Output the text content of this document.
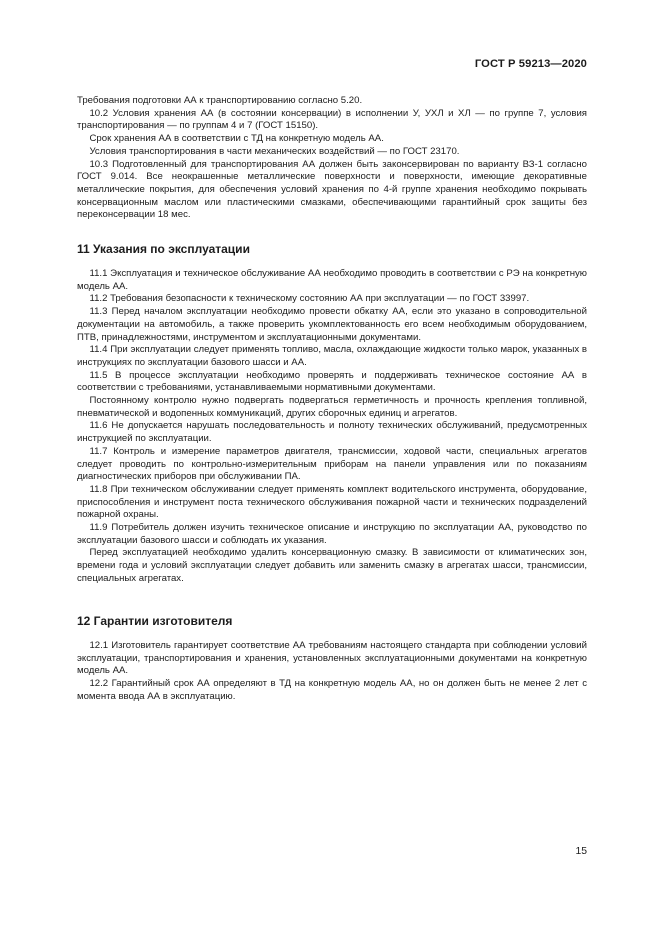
ГОСТ Р 59213—2020

Требования подготовки АА к транспортированию согласно 5.20.

10.2 Условия хранения АА (в состоянии консервации) в исполнении У, УХЛ и ХЛ — по группе 7, условия транспортирования — по группам 4 и 7 (ГОСТ 15150).

Срок хранения АА в соответствии с ТД на конкретную модель АА.

Условия транспортирования в части механических воздействий — по ГОСТ 23170.

10.3 Подготовленный для транспортирования АА должен быть законсервирован по варианту ВЗ-1 согласно ГОСТ 9.014. Все неокрашенные металлические поверхности и поверхности, имеющие декоративные металлические покрытия, для обеспечения условий хранения по 4-й группе хранения необходимо покрывать консервационным маслом или пластическими смазками, обеспечивающими гарантийный срок защиты без переконсервации 18 мес.

11 Указания по эксплуатации

11.1 Эксплуатация и техническое обслуживание АА необходимо проводить в соответствии с РЭ на конкретную модель АА.

11.2 Требования безопасности к техническому состоянию АА при эксплуатации — по ГОСТ 33997.

11.3 Перед началом эксплуатации необходимо провести обкатку АА, если это указано в сопроводительной документации на автомобиль, а также проверить укомплектованность его всем необходимым оборудованием, ПТВ, принадлежностями, инструментом и эксплуатационными документами.

11.4 При эксплуатации следует применять топливо, масла, охлаждающие жидкости только марок, указанных в инструкциях по эксплуатации базового шасси и АА.

11.5 В процессе эксплуатации необходимо проверять и поддерживать техническое состояние АА в соответствии с требованиями, устанавливаемыми нормативными документами.

Постоянному контролю нужно подвергать подвергаться герметичность и прочность крепления топливной, пневматической и водопенных коммуникаций, других сборочных единиц и агрегатов.

11.6 Не допускается нарушать последовательность и полноту технических обслуживаний, предусмотренных инструкцией по эксплуатации.

11.7 Контроль и измерение параметров двигателя, трансмиссии, ходовой части, специальных агрегатов следует проводить по контрольно-измерительным приборам на панели управления или по показаниям диагностических приборов при обслуживании ПА.

11.8 При техническом обслуживании следует применять комплект водительского инструмента, оборудование, приспособления и инструмент поста технического обслуживания пожарной части и технических подразделений пожарной охраны.

11.9 Потребитель должен изучить техническое описание и инструкцию по эксплуатации АА, руководство по эксплуатации базового шасси и соблюдать их указания.

Перед эксплуатацией необходимо удалить консервационную смазку. В зависимости от климатических зон, времени года и условий эксплуатации следует добавить или заменить смазку в агрегатах шасси, трансмиссии, специальных агрегатах.

12 Гарантии изготовителя

12.1 Изготовитель гарантирует соответствие АА требованиям настоящего стандарта при соблюдении условий эксплуатации, транспортирования и хранения, установленных эксплуатационными документами на конкретную модель АА.

12.2 Гарантийный срок АА определяют в ТД на конкретную модель АА, но он должен быть не менее 2 лет с момента ввода АА в эксплуатацию.

15
